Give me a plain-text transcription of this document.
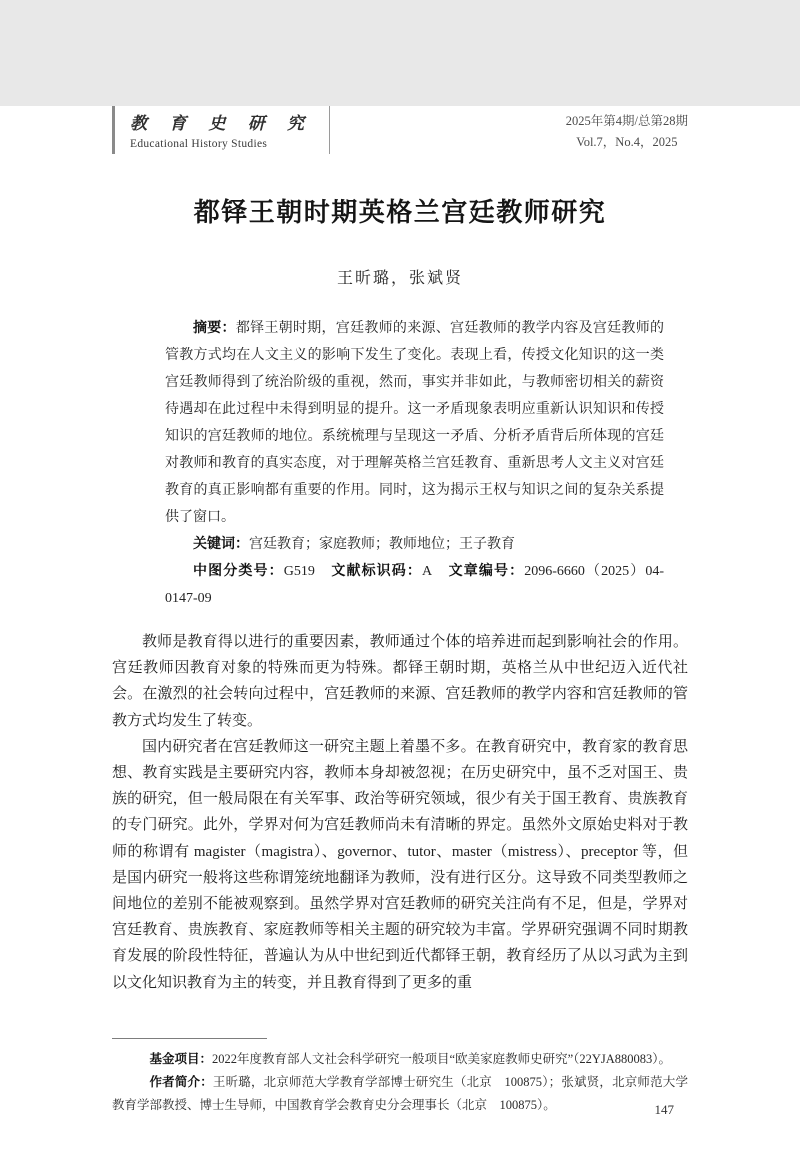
教 育 史 研 究
Educational History Studies
2025年第4期/总第28期
Vol.7，No.4，2025
都铎王朝时期英格兰宫廷教师研究
王昕璐，张斌贤

摘要：都铎王朝时期，宫廷教师的来源、宫廷教师的教学内容及宫廷教师的管教方式均在人文主义的影响下发生了变化。表现上看，传授文化知识的这一类宫廷教师得到了统治阶级的重视，然而，事实并非如此，与教师密切相关的薪资待遇却在此过程中未得到明显的提升。这一矛盾现象表明应重新认识知识和传授知识的宫廷教师的地位。系统梳理与呈现这一矛盾、分析矛盾背后所体现的宫廷对教师和教育的真实态度，对于理解英格兰宫廷教育、重新思考人文主义对宫廷教育的真正影响都有重要的作用。同时，这为揭示王权与知识之间的复杂关系提供了窗口。

关键词：宫廷教育；家庭教师；教师地位；王子教育

中图分类号：G519 文献标识码：A 文章编号：2096-6660（2025）04-0147-09

教师是教育得以进行的重要因素，教师通过个体的培养进而起到影响社会的作用。宫廷教师因教育对象的特殊而更为特殊。都铎王朝时期，英格兰从中世纪迈入近代社会。在激烈的社会转向过程中，宫廷教师的来源、宫廷教师的教学内容和宫廷教师的管教方式均发生了转变。

国内研究者在宫廷教师这一研究主题上着墨不多。在教育研究中，教育家的教育思想、教育实践是主要研究内容，教师本身却被忽视；在历史研究中，虽不乏对国王、贵族的研究，但一般局限在有关军事、政治等研究领域，很少有关于国王教育、贵族教育的专门研究。此外，学界对何为宫廷教师尚未有清晰的界定。虽然外文原始史料对于教师的称谓有 magister（magistra）、governor、tutor、master（mistress）、preceptor 等，但是国内研究一般将这些称谓笼统地翻译为教师，没有进行区分。这导致不同类型教师之间地位的差别不能被观察到。虽然学界对宫廷教师的研究关注尚有不足，但是，学界对宫廷教育、贵族教育、家庭教师等相关主题的研究较为丰富。学界研究强调不同时期教育发展的阶段性特征，普遍认为从中世纪到近代都铎王朝，教育经历了从以习武为主到以文化知识教育为主的转变，并且教育得到了更多的重

基金项目：2022年度教育部人文社会科学研究一般项目“欧美家庭教师史研究”（22YJA880083）。

作者简介：王昕璐，北京师范大学教育学部博士研究生（北京　100875）；张斌贤，北京师范大学教育学部教授、博士生导师，中国教育学会教育史分会理事长（北京　100875）。	147
